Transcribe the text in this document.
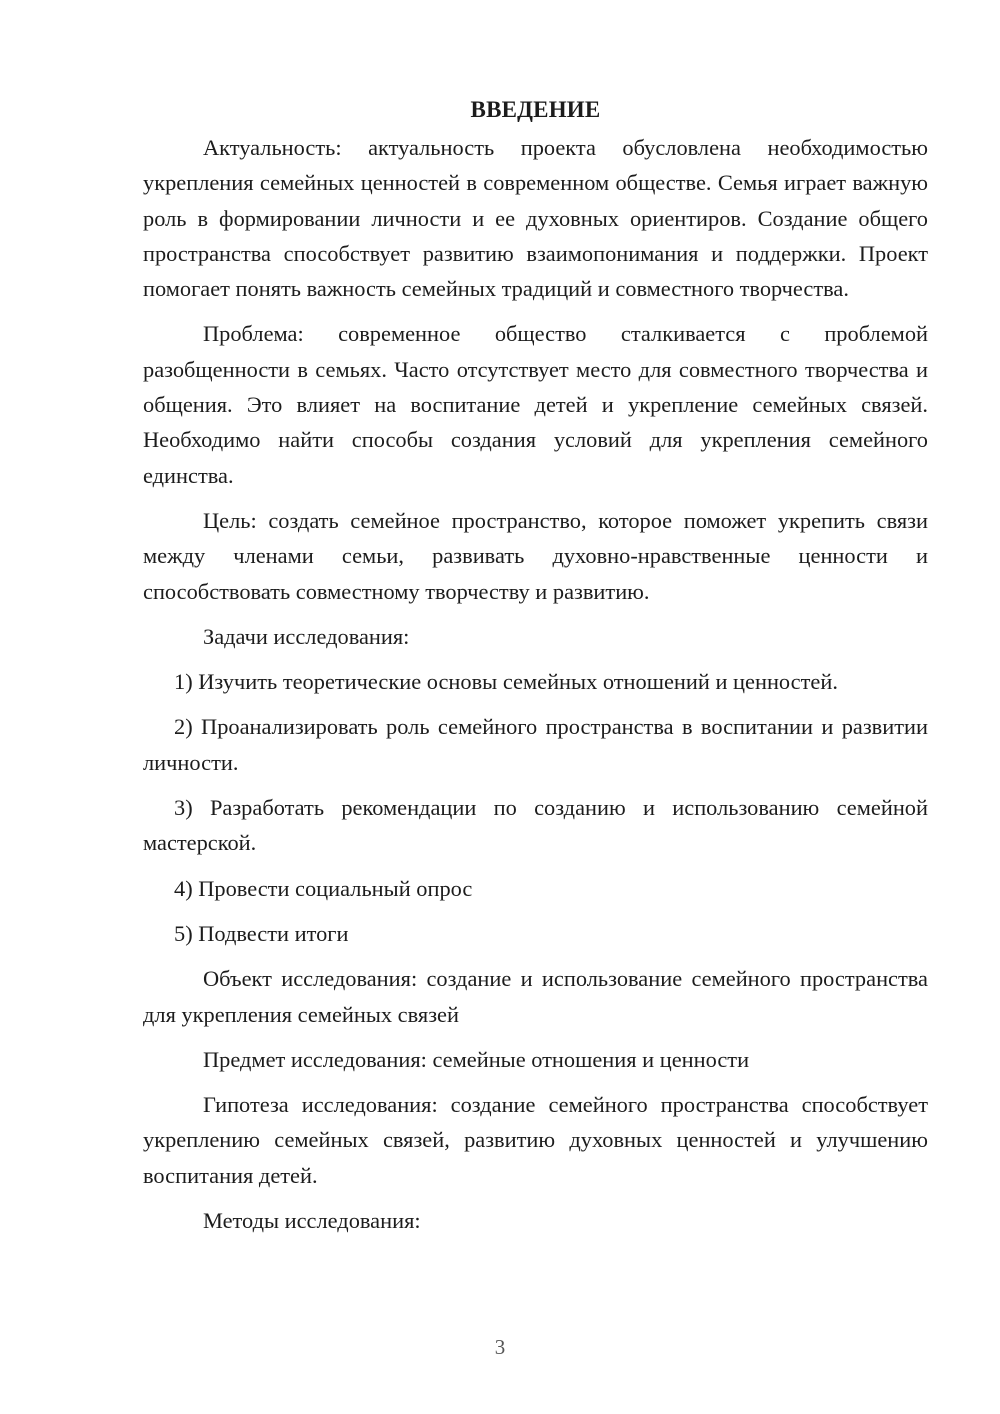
ВВЕДЕНИЕ

Актуальность: актуальность проекта обусловлена необходимостью укрепления семейных ценностей в современном обществе. Семья играет важную роль в формировании личности и ее духовных ориентиров. Создание общего пространства способствует развитию взаимопонимания и поддержки. Проект помогает понять важность семейных традиций и совместного творчества.

Проблема: современное общество сталкивается с проблемой разобщенности в семьях. Часто отсутствует место для совместного творчества и общения. Это влияет на воспитание детей и укрепление семейных связей. Необходимо найти способы создания условий для укрепления семейного единства.

Цель: создать семейное пространство, которое поможет укрепить связи между членами семьи, развивать духовно-нравственные ценности и способствовать совместному творчеству и развитию.

Задачи исследования:

1) Изучить теоретические основы семейных отношений и ценностей.

2) Проанализировать роль семейного пространства в воспитании и развитии личности.

3) Разработать рекомендации по созданию и использованию семейной мастерской.

4) Провести социальный опрос

5) Подвести итоги

Объект исследования: создание и использование семейного пространства для укрепления семейных связей

Предмет исследования: семейные отношения и ценности

Гипотеза исследования: создание семейного пространства способствует укреплению семейных связей, развитию духовных ценностей и улучшению воспитания детей.

Методы исследования:

3
